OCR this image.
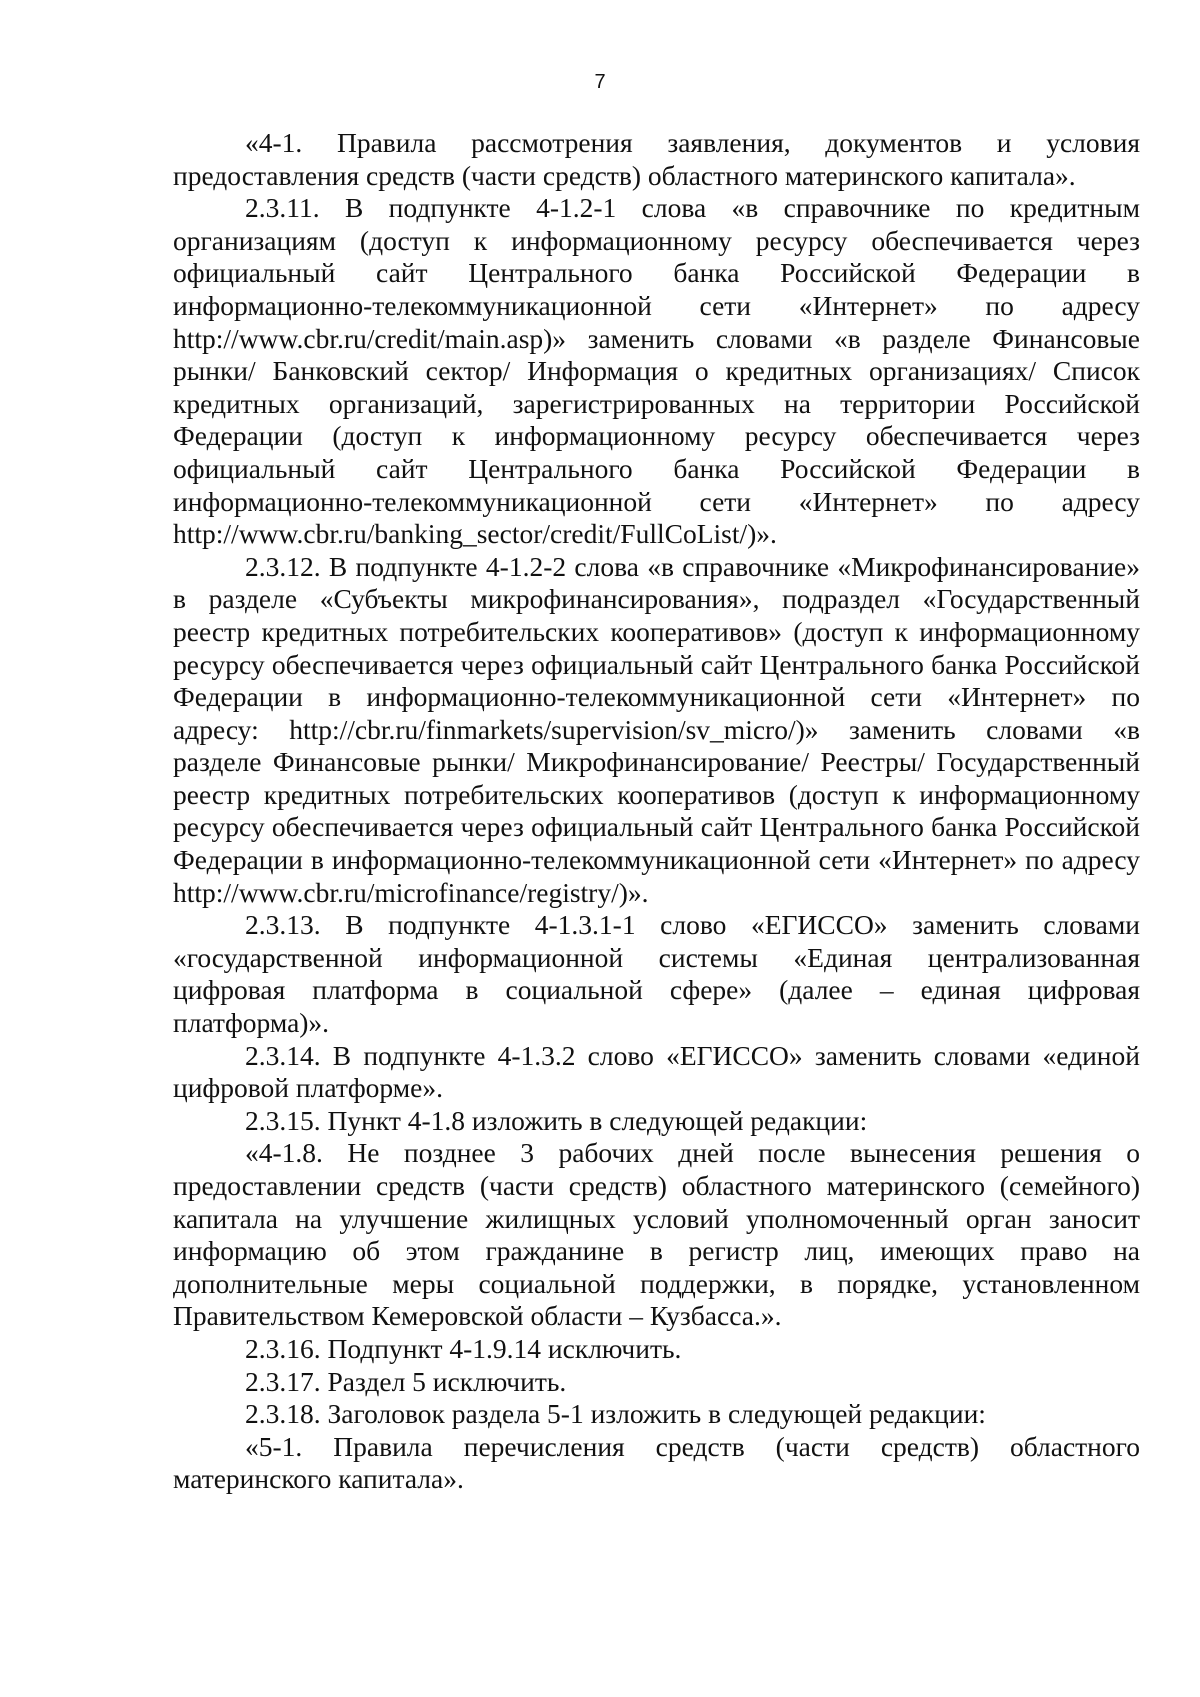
7

«4-1. Правила рассмотрения заявления, документов и условия предоставления средств (части средств) областного материнского капитала».

2.3.11. В подпункте 4-1.2-1 слова «в справочнике по кредитным организациям (доступ к информационному ресурсу обеспечивается через официальный сайт Центрального банка Российской Федерации в информационно-телекоммуникационной сети «Интернет» по адресу http://www.cbr.ru/credit/main.asp)» заменить словами «в разделе Финансовые рынки/ Банковский сектор/ Информация о кредитных организациях/ Список кредитных организаций, зарегистрированных на территории Российской Федерации (доступ к информационному ресурсу обеспечивается через официальный сайт Центрального банка Российской Федерации в информационно-телекоммуникационной сети «Интернет» по адресу http://www.cbr.ru/banking_sector/credit/FullCoList/)».

2.3.12. В подпункте 4-1.2-2 слова «в справочнике «Микрофинансирование» в разделе «Субъекты микрофинансирования», подраздел «Государственный реестр кредитных потребительских кооперативов» (доступ к информационному ресурсу обеспечивается через официальный сайт Центрального банка Российской Федерации в информационно-телекоммуникационной сети «Интернет» по адресу: http://cbr.ru/finmarkets/supervision/sv_micro/)» заменить словами «в разделе Финансовые рынки/ Микрофинансирование/ Реестры/ Государственный реестр кредитных потребительских кооперативов (доступ к информационному ресурсу обеспечивается через официальный сайт Центрального банка Российской Федерации в информационно-телекоммуникационной сети «Интернет» по адресу http://www.cbr.ru/microfinance/registry/)».

2.3.13. В подпункте 4-1.3.1-1 слово «ЕГИССО» заменить словами «государственной информационной системы «Единая централизованная цифровая платформа в социальной сфере» (далее – единая цифровая платформа)».

2.3.14. В подпункте 4-1.3.2 слово «ЕГИССО» заменить словами «единой цифровой платформе».

2.3.15. Пункт 4-1.8 изложить в следующей редакции:

«4-1.8. Не позднее 3 рабочих дней после вынесения решения о предоставлении средств (части средств) областного материнского (семейного) капитала на улучшение жилищных условий уполномоченный орган заносит информацию об этом гражданине в регистр лиц, имеющих право на дополнительные меры социальной поддержки, в порядке, установленном Правительством Кемеровской области – Кузбасса.».

2.3.16. Подпункт 4-1.9.14 исключить.

2.3.17. Раздел 5 исключить.

2.3.18. Заголовок раздела 5-1 изложить в следующей редакции:

«5-1. Правила перечисления средств (части средств) областного материнского капитала».
